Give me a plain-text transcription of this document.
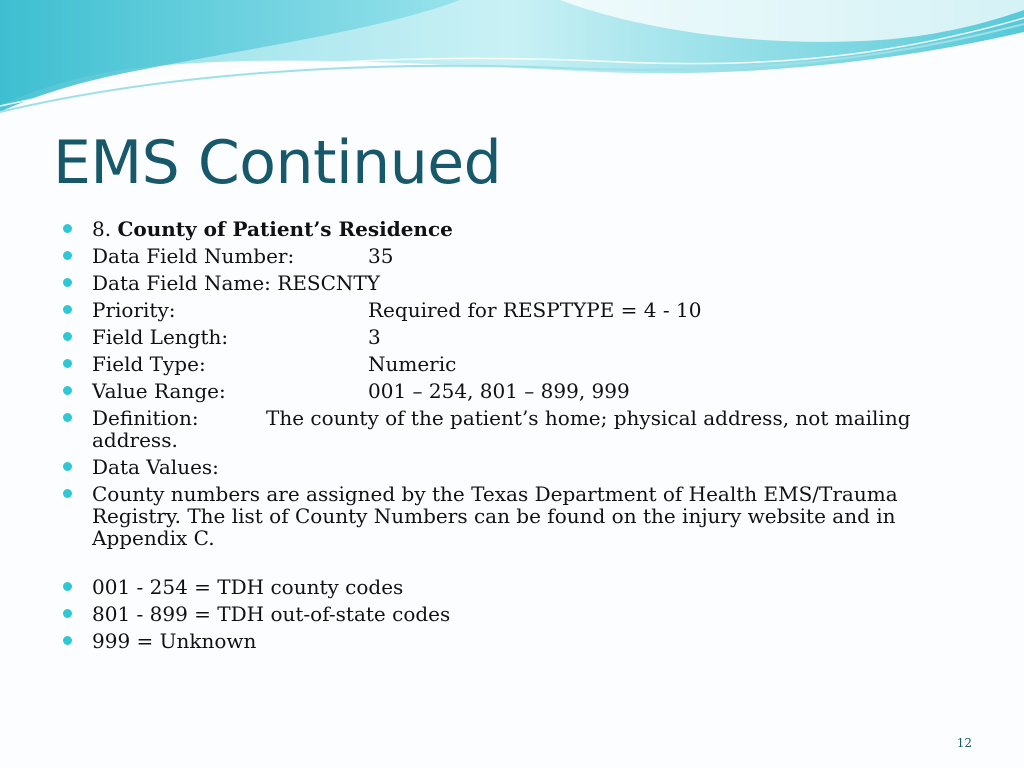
EMS Continued
8. County of Patient’s Residence
Data Field Number:	35
Data Field Name: RESCNTY
Priority:	Required for RESPTYPE = 4 - 10
Field Length:	3
Field Type:	Numeric
Value Range:	001 – 254, 801 – 899, 999
Definition:	The county of the patient’s home; physical address, not mailing address.
Data Values:
County numbers are assigned by the Texas Department of Health EMS/Trauma Registry. The list of County Numbers can be found on the injury website and in Appendix C.
001 - 254 = TDH county codes
801 - 899 = TDH out-of-state codes
999 = Unknown
12
